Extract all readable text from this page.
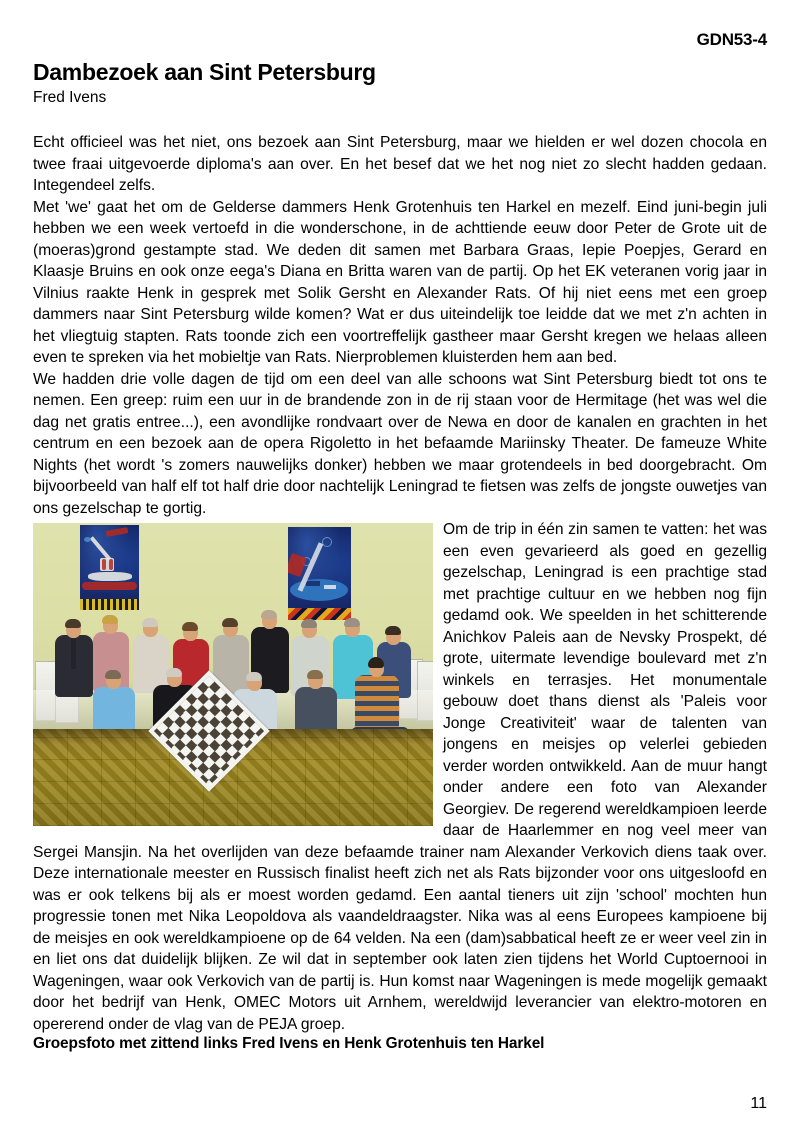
GDN53-4
Dambezoek aan Sint Petersburg
Fred Ivens

Echt officieel was het niet, ons bezoek aan Sint Petersburg, maar we hielden er wel dozen chocola en twee fraai uitgevoerde diploma's aan over. En het besef dat we het nog niet zo slecht hadden gedaan. Integendeel zelfs.

Met 'we' gaat het om de Gelderse dammers Henk Grotenhuis ten Harkel en mezelf. Eind juni-begin juli hebben we een week vertoefd in die wonderschone, in de achttiende eeuw door Peter de Grote uit de (moeras)grond gestampte stad. We deden dit samen met Barbara Graas, Iepie Poepjes, Gerard en Klaasje Bruins en ook onze eega's Diana en Britta waren van de partij. Op het EK veteranen vorig jaar in Vilnius raakte Henk in gesprek met Solik Gersht en Alexander Rats. Of hij niet eens met een groep dammers naar Sint Petersburg wilde komen? Wat er dus uiteindelijk toe leidde dat we met z'n achten in het vliegtuig stapten. Rats toonde zich een voortreffelijk gastheer maar Gersht kregen we helaas alleen even te spreken via het mobieltje van Rats. Nierproblemen kluisterden hem aan bed.

We hadden drie volle dagen de tijd om een deel van alle schoons wat Sint Petersburg biedt tot ons te nemen. Een greep: ruim een uur in de brandende zon in de rij staan voor de Hermitage (het was wel die dag net gratis entree...), een avondlijke rondvaart over de Newa en door de kanalen en grachten in het centrum en een bezoek aan de opera Rigoletto in het befaamde Mariinsky Theater. De fameuze White Nights (het wordt 's zomers nauwelijks donker) hebben we maar grotendeels in bed doorgebracht. Om bijvoorbeeld van half elf tot half drie door nachtelijk Leningrad te fietsen was zelfs de jongste ouwetjes van ons gezelschap te gortig.

Om de trip in één zin samen te vatten: het was een even gevarieerd als goed en gezellig gezelschap, Leningrad is een prachtige stad met prachtige cultuur en we hebben nog fijn gedamd ook. We speelden in het schitterende Anichkov Paleis aan de Nevsky Prospekt, dé grote, uitermate levendige boulevard met z'n winkels en terrasjes. Het monumentale gebouw doet thans dienst als 'Paleis voor Jonge Creativiteit' waar de talenten van jongens en meisjes op velerlei gebieden verder worden ontwikkeld. Aan de muur hangt onder andere een foto van Alexander Georgiev. De regerend wereldkampioen leerde daar de Haarlemmer en nog veel meer van Sergei Mansjin. Na het overlijden van deze befaamde trainer nam Alexander Verkovich diens taak over. Deze internationale meester en Russisch finalist heeft zich net als Rats bijzonder voor ons uitgesloofd en was er ook telkens bij als er moest worden gedamd. Een aantal tieners uit zijn 'school' mochten hun progressie tonen met Nika Leopoldova als vaandeldraagster. Nika was al eens Europees kampioene bij de meisjes en ook wereldkampioene op de 64 velden. Na een (dam)sabbatical heeft ze er weer veel zin in en liet ons dat duidelijk blijken. Ze wil dat in september ook laten zien tijdens het World Cuptoernooi in Wageningen, waar ook Verkovich van de partij is. Hun komst naar Wageningen is mede mogelijk gemaakt door het bedrijf van Henk, OMEC Motors uit Arnhem, wereldwijd leverancier van elektro-motoren en opererend onder de vlag van de PEJA groep.

Groepsfoto met zittend links Fred Ivens en Henk Grotenhuis ten Harkel
11
